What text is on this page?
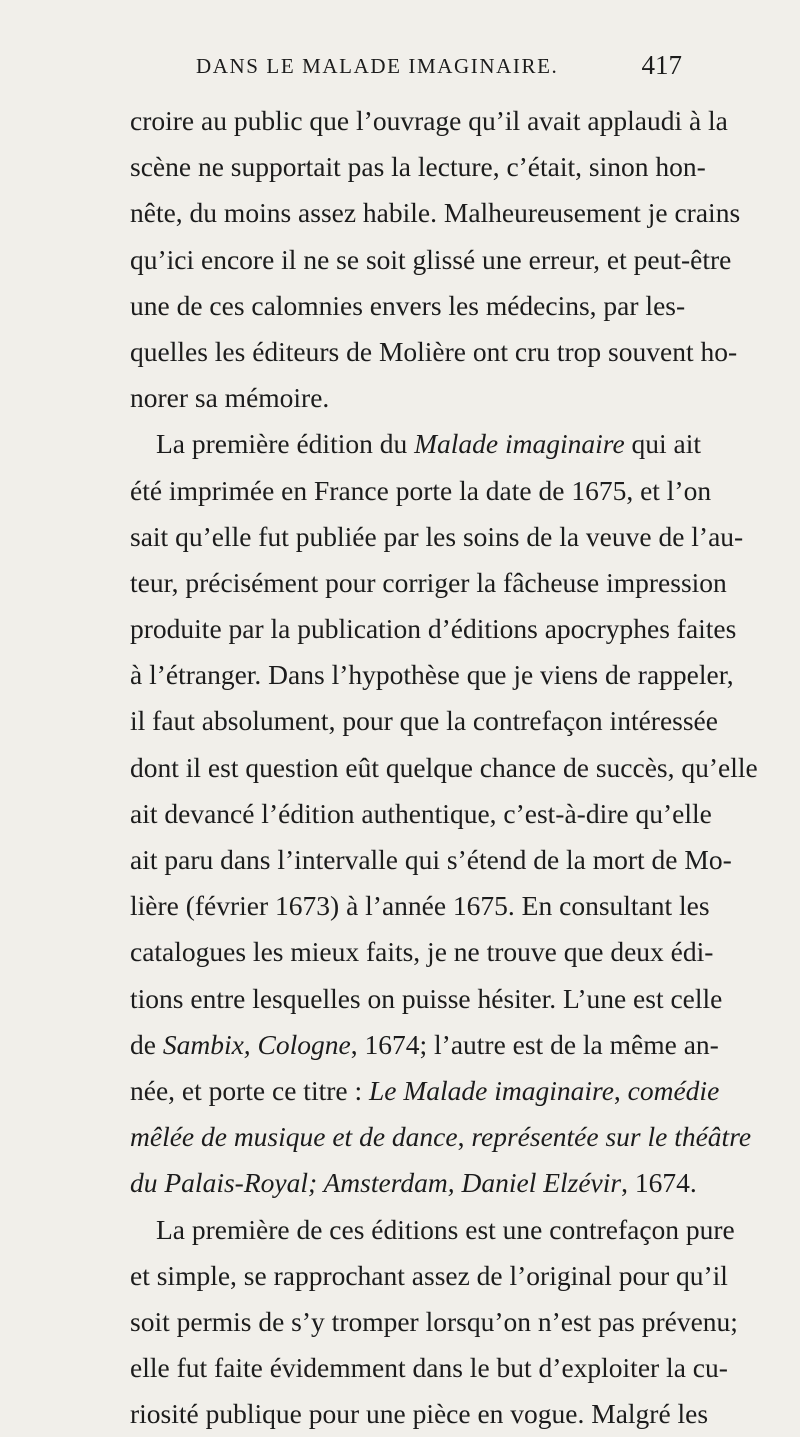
DANS LE MALADE IMAGINAIRE.	417
croire au public que l’ouvrage qu’il avait applaudi à la
scène ne supportait pas la lecture, c’était, sinon hon-
nête, du moins assez habile. Malheureusement je crains
qu’ici encore il ne se soit glissé une erreur, et peut-être
une de ces calomnies envers les médecins, par les-
quelles les éditeurs de Molière ont cru trop souvent ho-
norer sa mémoire.
La première édition du Malade imaginaire qui ait
été imprimée en France porte la date de 1675, et l’on
sait qu’elle fut publiée par les soins de la veuve de l’au-
teur, précisément pour corriger la fâcheuse impression
produite par la publication d’éditions apocryphes faites
à l’étranger. Dans l’hypothèse que je viens de rappeler,
il faut absolument, pour que la contrefaçon intéressée
dont il est question eût quelque chance de succès, qu’elle
ait devancé l’édition authentique, c’est-à-dire qu’elle
ait paru dans l’intervalle qui s’étend de la mort de Mo-
lière (février 1673) à l’année 1675. En consultant les
catalogues les mieux faits, je ne trouve que deux édi-
tions entre lesquelles on puisse hésiter. L’une est celle
de Sambix, Cologne, 1674; l’autre est de la même an-
née, et porte ce titre : Le Malade imaginaire, comédie
mêlée de musique et de dance, représentée sur le théâtre
du Palais-Royal; Amsterdam, Daniel Elzévir, 1674.
La première de ces éditions est une contrefaçon pure
et simple, se rapprochant assez de l’original pour qu’il
soit permis de s’y tromper lorsqu’on n’est pas prévenu;
elle fut faite évidemment dans le but d’exploiter la cu-
riosité publique pour une pièce en vogue. Malgré les
